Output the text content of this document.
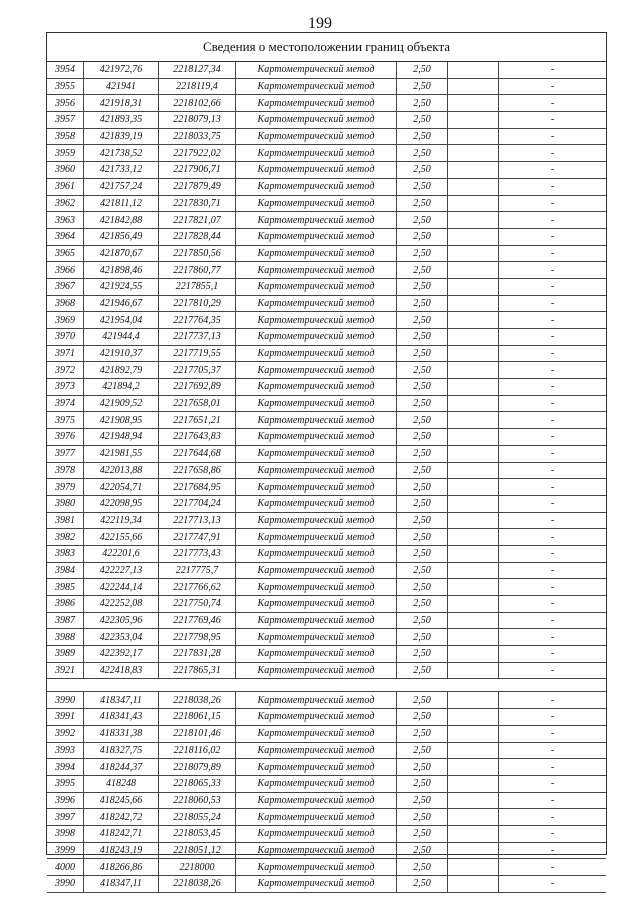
199
Сведения о местоположении границ объекта
3954	421972,76	2218127,34	Картометрический метод	2,50		-
3955	421941	2218119,4	Картометрический метод	2,50		-
3956	421918,31	2218102,66	Картометрический метод	2,50		-
3957	421893,35	2218079,13	Картометрический метод	2,50		-
3958	421839,19	2218033,75	Картометрический метод	2,50		-
3959	421738,52	2217922,02	Картометрический метод	2,50		-
3960	421733,12	2217906,71	Картометрический метод	2,50		-
3961	421757,24	2217879,49	Картометрический метод	2,50		-
3962	421811,12	2217830,71	Картометрический метод	2,50		-
3963	421842,88	2217821,07	Картометрический метод	2,50		-
3964	421856,49	2217828,44	Картометрический метод	2,50		-
3965	421870,67	2217850,56	Картометрический метод	2,50		-
3966	421898,46	2217860,77	Картометрический метод	2,50		-
3967	421924,55	2217855,1	Картометрический метод	2,50		-
3968	421946,67	2217810,29	Картометрический метод	2,50		-
3969	421954,04	2217764,35	Картометрический метод	2,50		-
3970	421944,4	2217737,13	Картометрический метод	2,50		-
3971	421910,37	2217719,55	Картометрический метод	2,50		-
3972	421892,79	2217705,37	Картометрический метод	2,50		-
3973	421894,2	2217692,89	Картометрический метод	2,50		-
3974	421909,52	2217658,01	Картометрический метод	2,50		-
3975	421908,95	2217651,21	Картометрический метод	2,50		-
3976	421948,94	2217643,83	Картометрический метод	2,50		-
3977	421981,55	2217644,68	Картометрический метод	2,50		-
3978	422013,88	2217658,86	Картометрический метод	2,50		-
3979	422054,71	2217684,95	Картометрический метод	2,50		-
3980	422098,95	2217704,24	Картометрический метод	2,50		-
3981	422119,34	2217713,13	Картометрический метод	2,50		-
3982	422155,66	2217747,91	Картометрический метод	2,50		-
3983	422201,6	2217773,43	Картометрический метод	2,50		-
3984	422227,13	2217775,7	Картометрический метод	2,50		-
3985	422244,14	2217766,62	Картометрический метод	2,50		-
3986	422252,08	2217750,74	Картометрический метод	2,50		-
3987	422305,96	2217769,46	Картометрический метод	2,50		-
3988	422353,04	2217798,95	Картометрический метод	2,50		-
3989	422392,17	2217831,28	Картометрический метод	2,50		-
3921	422418,83	2217865,31	Картометрический метод	2,50		-

3990	418347,11	2218038,26	Картометрический метод	2,50		-
3991	418341,43	2218061,15	Картометрический метод	2,50		-
3992	418331,38	2218101,46	Картометрический метод	2,50		-
3993	418327,75	2218116,02	Картометрический метод	2,50		-
3994	418244,37	2218079,89	Картометрический метод	2,50		-
3995	418248	2218065,33	Картометрический метод	2,50		-
3996	418245,66	2218060,53	Картометрический метод	2,50		-
3997	418242,72	2218055,24	Картометрический метод	2,50		-
3998	418242,71	2218053,45	Картометрический метод	2,50		-
3999	418243,19	2218051,12	Картометрический метод	2,50		-
4000	418266,86	2218000	Картометрический метод	2,50		-
3990	418347,11	2218038,26	Картометрический метод	2,50		-
